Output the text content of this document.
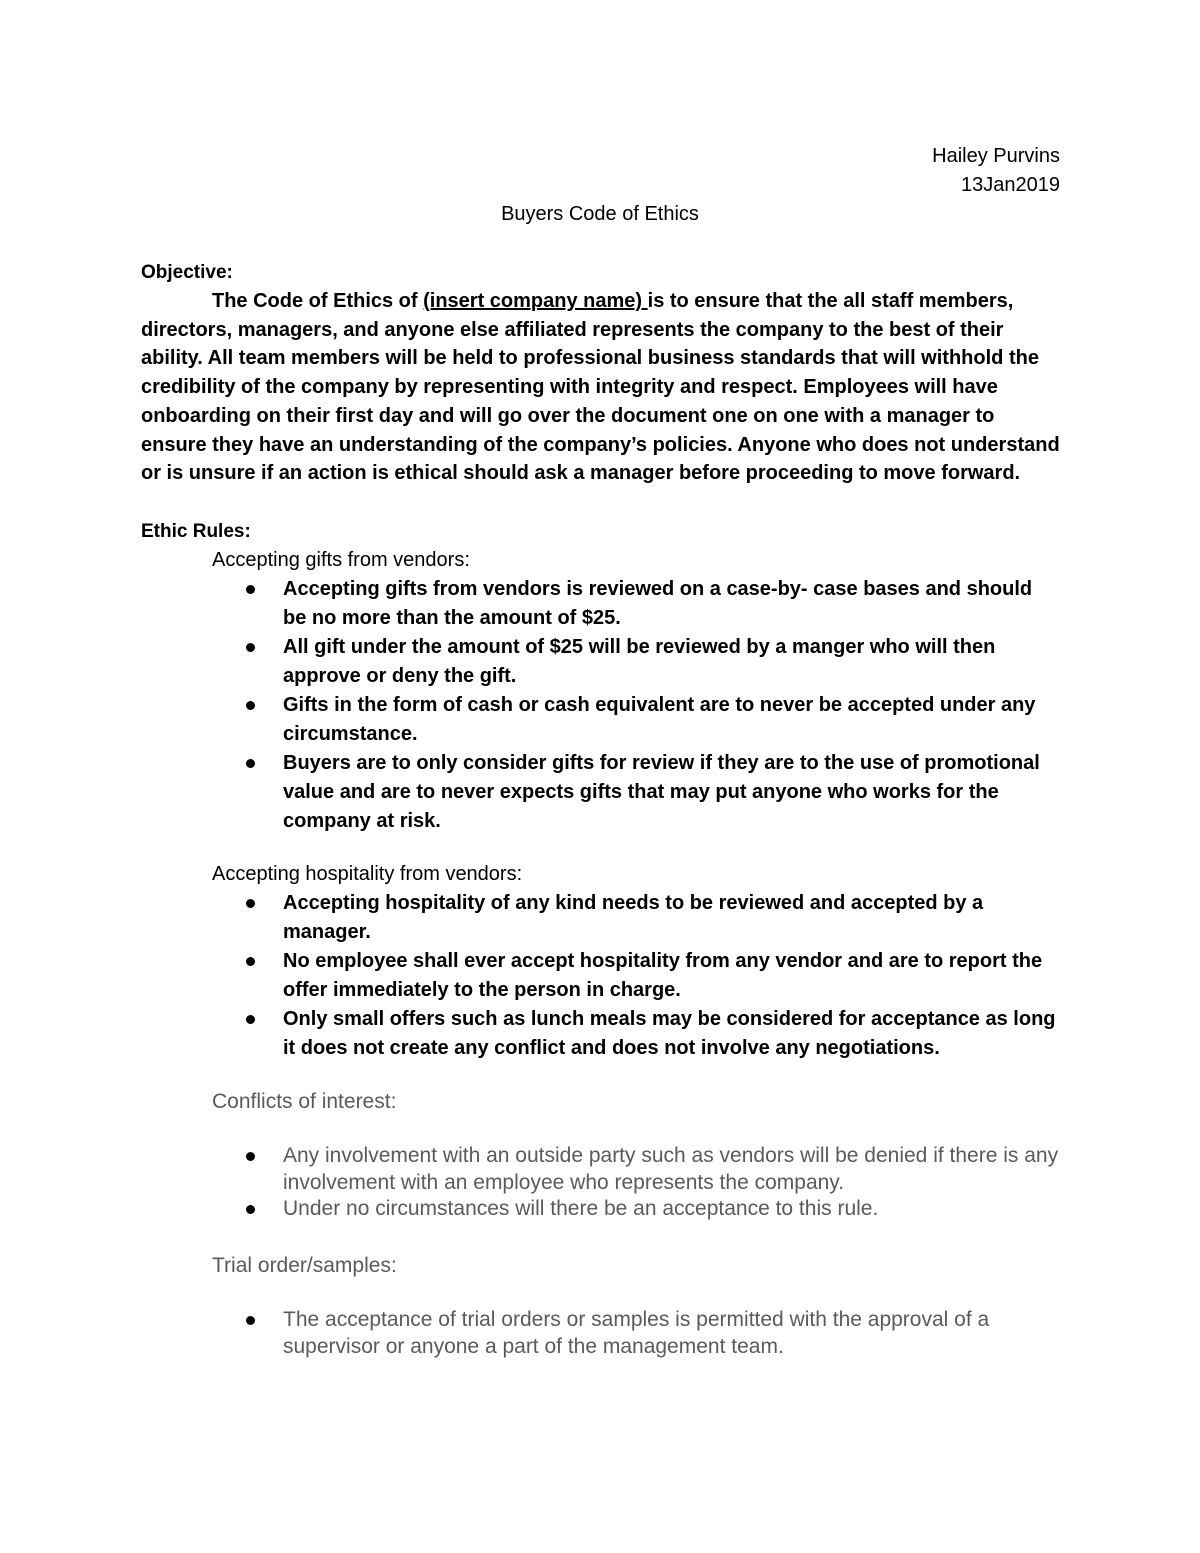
Hailey Purvins
13Jan2019
Buyers Code of Ethics
Objective:

The Code of Ethics of (insert company name) is to ensure that the all staff members, directors, managers, and anyone else affiliated represents the company to the best of their ability. All team members will be held to professional business standards that will withhold the credibility of the company by representing with integrity and respect. Employees will have onboarding on their first day and will go over the document one on one with a manager to ensure they have an understanding of the company’s policies. Anyone who does not understand or is unsure if an action is ethical should ask a manager before proceeding to move forward.

Ethic Rules:
Accepting gifts from vendors:
Accepting gifts from vendors is reviewed on a case-by- case bases and should be no more than the amount of $25.
All gift under the amount of $25 will be reviewed by a manger who will then approve or deny the gift.
Gifts in the form of cash or cash equivalent are to never be accepted under any circumstance.
Buyers are to only consider gifts for review if they are to the use of promotional value and are to never expects gifts that may put anyone who works for the company at risk.
Accepting hospitality from vendors:
Accepting hospitality of any kind needs to be reviewed and accepted by a manager.
No employee shall ever accept hospitality from any vendor and are to report the offer immediately to the person in charge.
Only small offers such as lunch meals may be considered for acceptance as long it does not create any conflict and does not involve any negotiations.
Conflicts of interest:
Any involvement with an outside party such as vendors will be denied if there is any involvement with an employee who represents the company.
Under no circumstances will there be an acceptance to this rule.
Trial order/samples:
The acceptance of trial orders or samples is permitted with the approval of a supervisor or anyone a part of the management team.
